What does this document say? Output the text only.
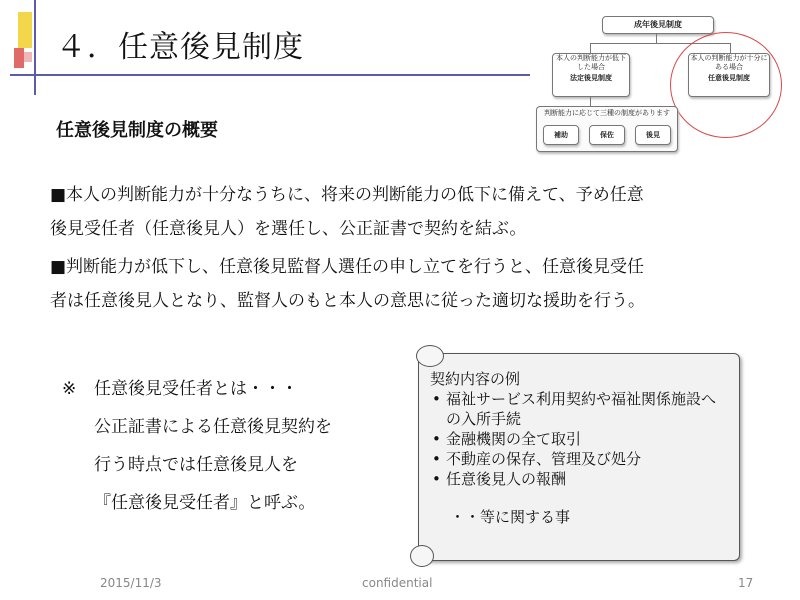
４．任意後見制度
成年後見制度
本人の判断能力が低下した場合
法定後見制度
本人の判断能力が十分にある場合
任意後見制度
判断能力に応じて三種の制度があります
補助	保佐	後見
任意後見制度の概要
■本人の判断能力が十分なうちに、将来の判断能力の低下に備えて、予め任意
後見受任者（任意後見人）を選任し、公正証書で契約を結ぶ。
■判断能力が低下し、任意後見監督人選任の申し立てを行うと、任意後見受任
者は任意後見人となり、監督人のもと本人の意思に従った適切な援助を行う。
※	任意後見受任者とは・・・
公正証書による任意後見契約を
行う時点では任意後見人を
『任意後見受任者』と呼ぶ。
契約内容の例
• 福祉サービス利用契約や福祉関係施設への入所手続
• 金融機関の全て取引
• 不動産の保存、管理及び処分
• 任意後見人の報酬
・・等に関する事
2015/11/3	confidential	17
